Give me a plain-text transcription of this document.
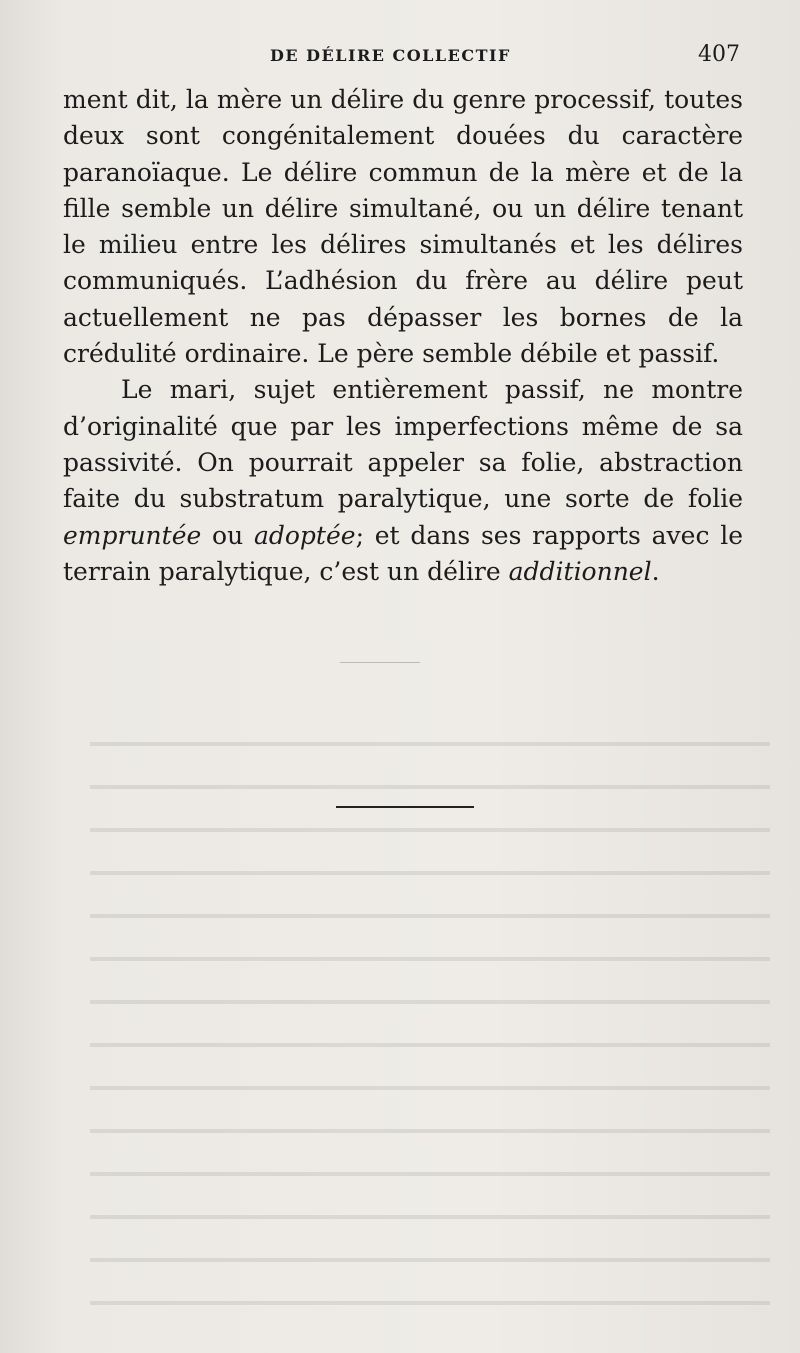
DE DÉLIRE COLLECTIF	407

ment dit, la mère un délire du genre processif, toutes deux sont congénitalement douées du caractère paranoïaque. Le délire commun de la mère et de la fille semble un délire simultané, ou un délire tenant le milieu entre les délires simultanés et les délires communiqués. L’adhésion du frère au délire peut actuellement ne pas dépasser les bornes de la crédulité ordinaire. Le père semble débile et passif.

Le mari, sujet entièrement passif, ne montre d’originalité que par les imperfections même de sa passivité. On pourrait appeler sa folie, abstraction faite du substratum paralytique, une sorte de folie empruntée ou adoptée; et dans ses rapports avec le terrain paralytique, c’est un délire additionnel.
